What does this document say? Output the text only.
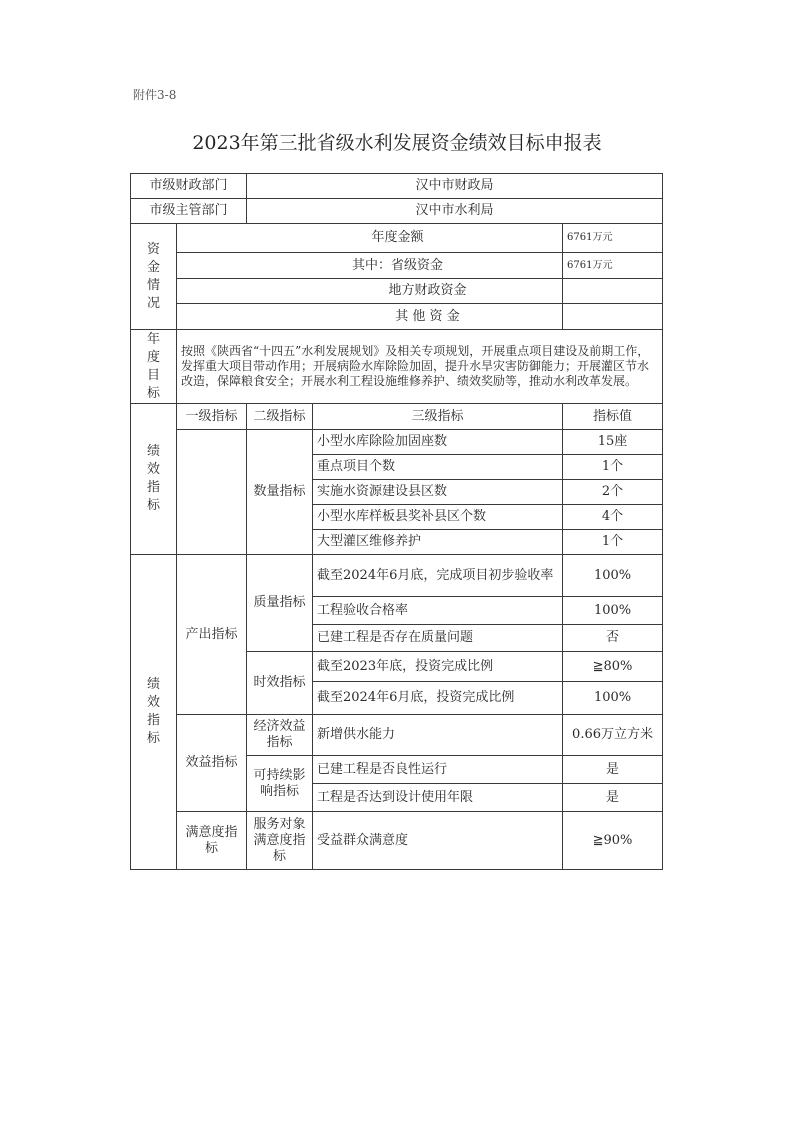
附件3-8
2023年第三批省级水利发展资金绩效目标申报表
市级财政部门		汉中市财政局		
市级主管部门		汉中市水利局		
资金情况	年度金额			6761万元
	其中：省级资金			6761万元
	地方财政资金			
	其 他 资 金			
年度目标	按照《陕西省“十四五”水利发展规划》及相关专项规划，开展重点项目建设及前期工作，发挥重大项目带动作用；开展病险水库除险加固，提升水旱灾害防御能力；开展灌区节水改造，保障粮食安全；开展水利工程设施维修养护、绩效奖励等，推动水利改革发展。			
绩效指标	一级指标	二级指标	三级指标	指标值
		数量指标	小型水库除险加固座数	15座
			重点项目个数	1个
			实施水资源建设县区数	2个
			小型水库样板县奖补县区个数	4个
			大型灌区维修养护	1个
绩效指标	产出指标	质量指标	截至2024年6月底，完成项目初步验收率	100%
			工程验收合格率	100%
			已建工程是否存在质量问题	否
		时效指标	截至2023年底，投资完成比例	≧80%
			截至2024年6月底，投资完成比例	100%
	效益指标	经济效益指标	新增供水能力	0.66万立方米
		可持续影响指标	已建工程是否良性运行	是
			工程是否达到设计使用年限	是
	满意度指标	服务对象满意度指标	受益群众满意度	≧90%
